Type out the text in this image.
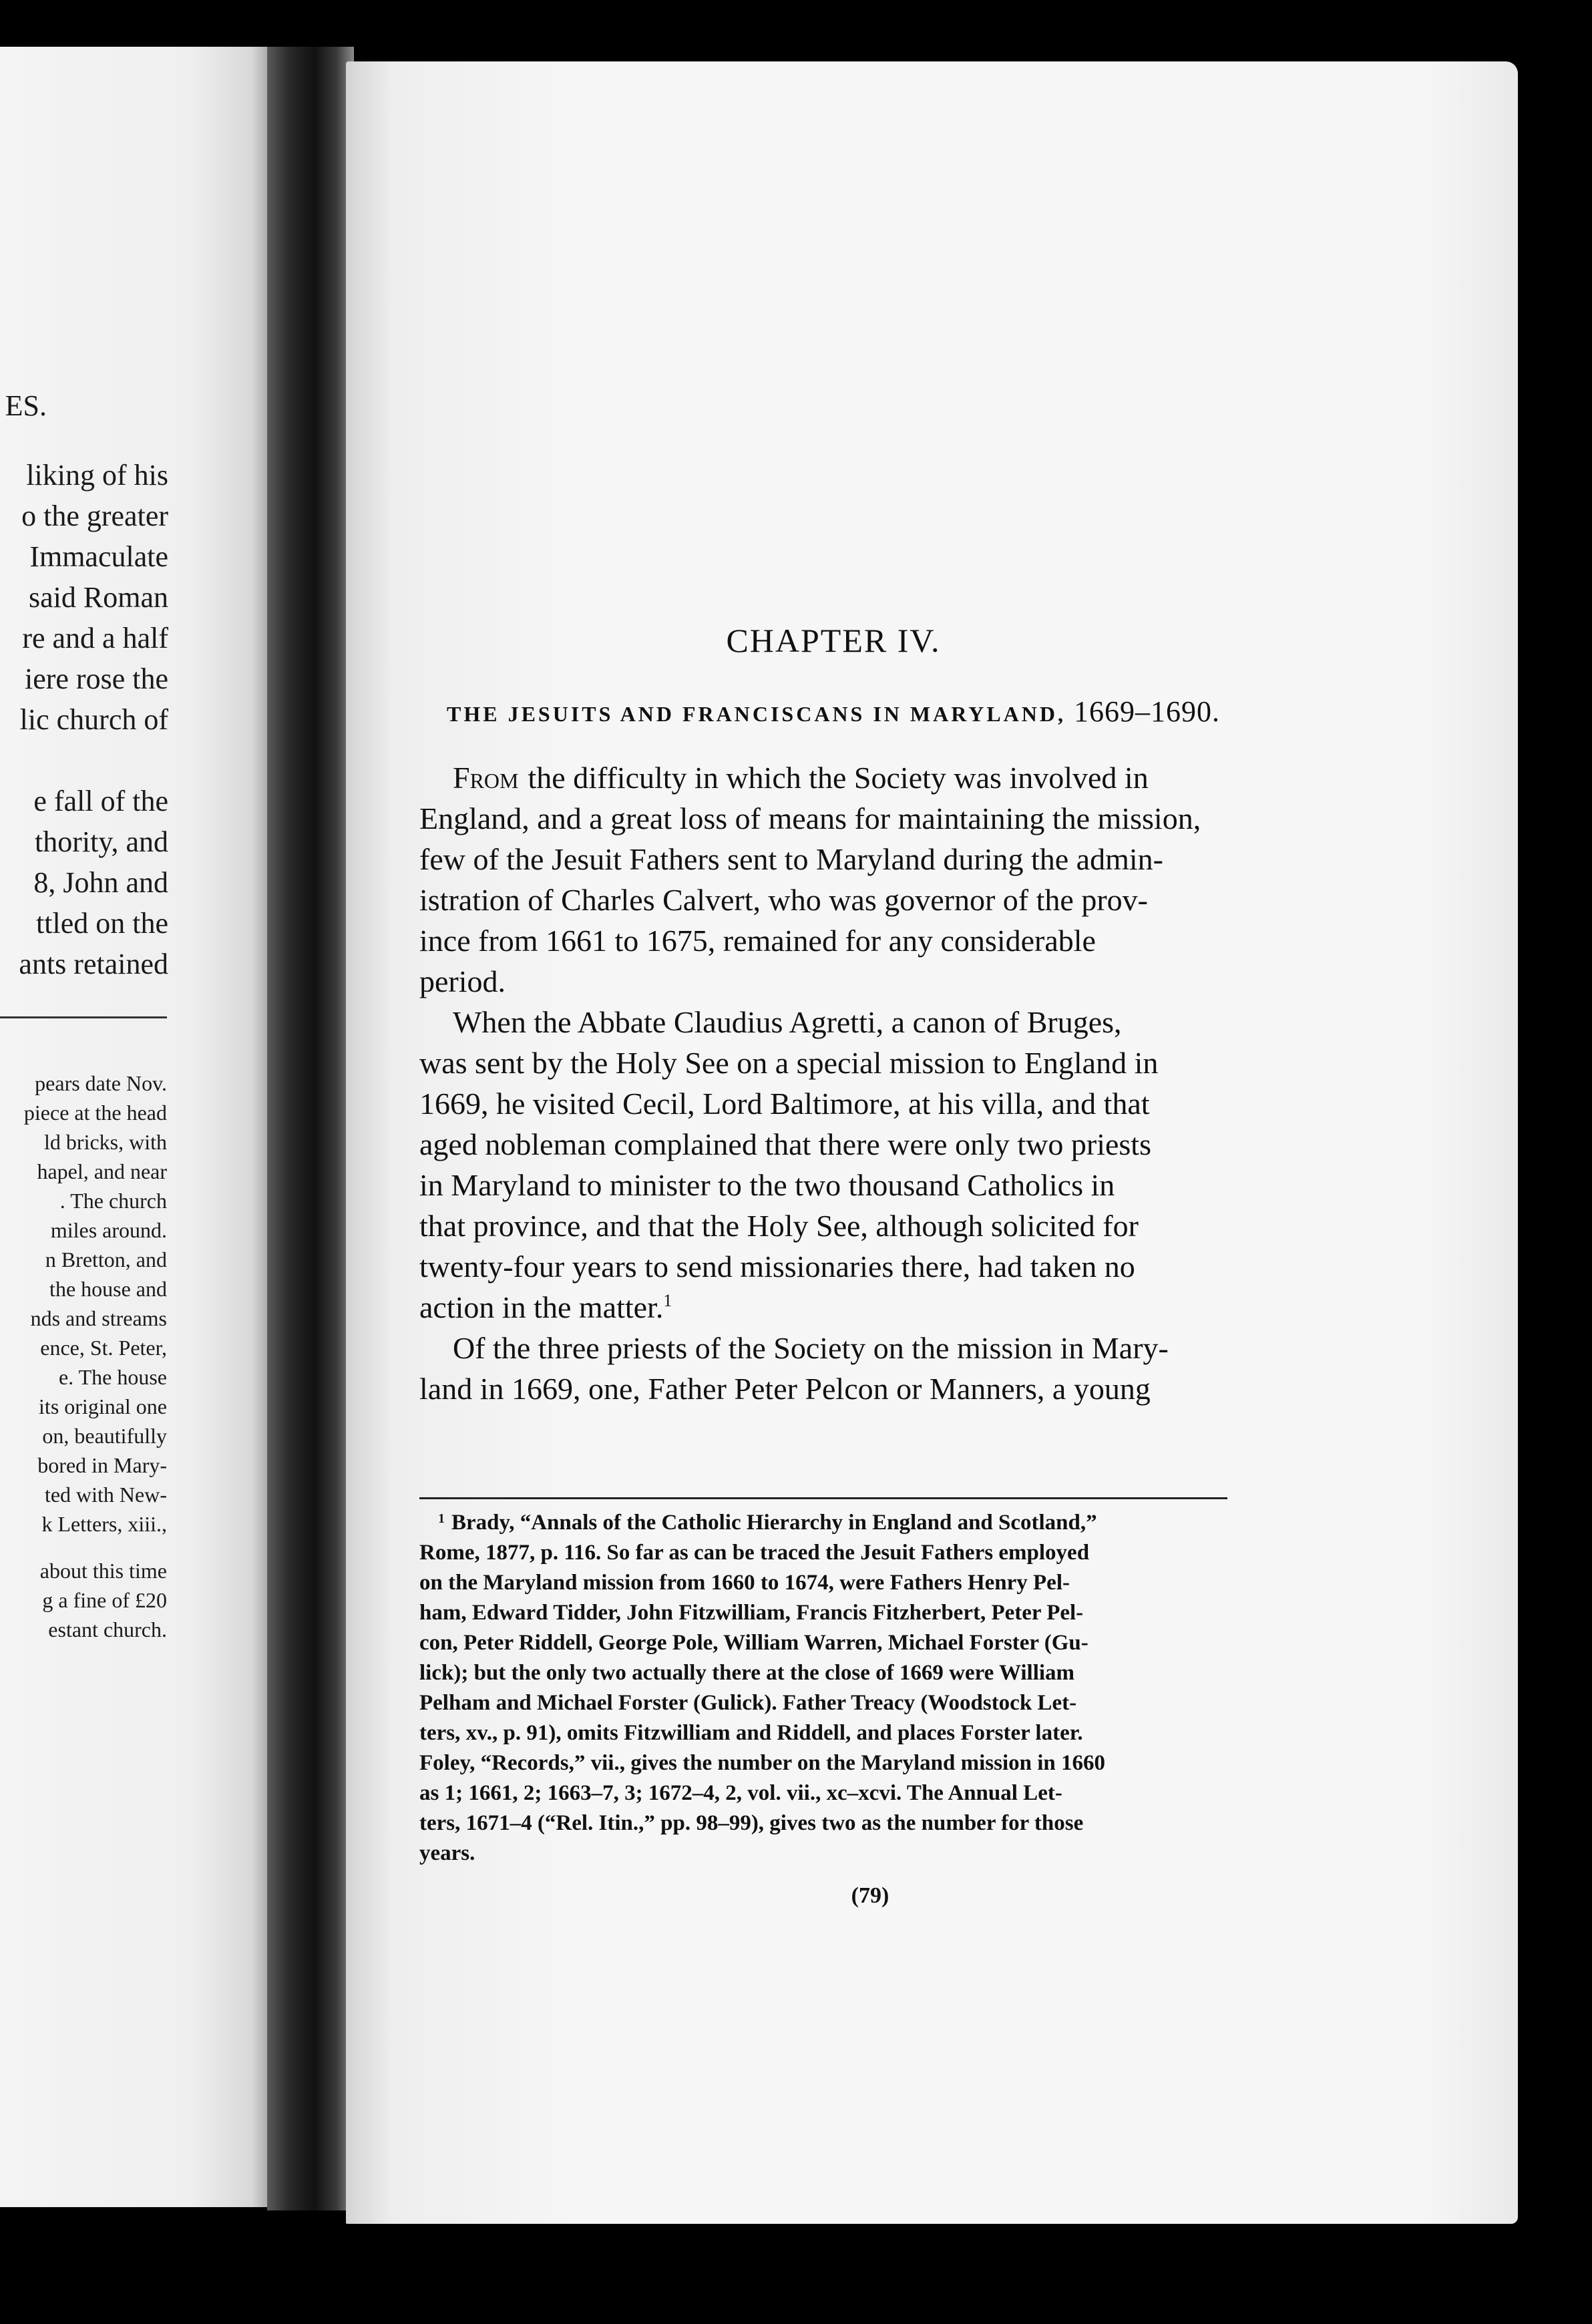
ES.
liking of his
o the greater
Immaculate
said Roman
re and a half
iere rose the
lic church of
e fall of the
thority, and
8, John and
ttled on the
ants retained
pears date Nov.
piece at the head
ld bricks, with
hapel, and near
. The church
miles around.
n Bretton, and
the house and
nds and streams
ence, St. Peter,
e. The house
its original one
on, beautifully
bored in Mary-
ted with New-
k Letters, xiii.,
about this time
g a fine of £20
estant church.
CHAPTER IV.
THE JESUITS AND FRANCISCANS IN MARYLAND, 1669–1690.
From the difficulty in which the Society was involved in
England, and a great loss of means for maintaining the mission,
few of the Jesuit Fathers sent to Maryland during the admin-
istration of Charles Calvert, who was governor of the prov-
ince from 1661 to 1675, remained for any considerable
period.
When the Abbate Claudius Agretti, a canon of Bruges,
was sent by the Holy See on a special mission to England in
1669, he visited Cecil, Lord Baltimore, at his villa, and that
aged nobleman complained that there were only two priests
in Maryland to minister to the two thousand Catholics in
that province, and that the Holy See, although solicited for
twenty-four years to send missionaries there, had taken no
action in the matter. 1
Of the three priests of the Society on the mission in Mary-
land in 1669, one, Father Peter Pelcon or Manners, a young
1 Brady, “Annals of the Catholic Hierarchy in England and Scotland,”
Rome, 1877, p. 116. So far as can be traced the Jesuit Fathers employed
on the Maryland mission from 1660 to 1674, were Fathers Henry Pel-
ham, Edward Tidder, John Fitzwilliam, Francis Fitzherbert, Peter Pel-
con, Peter Riddell, George Pole, William Warren, Michael Forster (Gu-
lick); but the only two actually there at the close of 1669 were William
Pelham and Michael Forster (Gulick). Father Treacy (Woodstock Let-
ters, xv., p. 91), omits Fitzwilliam and Riddell, and places Forster later.
Foley, “Records,” vii., gives the number on the Maryland mission in 1660
as 1; 1661, 2; 1663–7, 3; 1672–4, 2, vol. vii., xc–xcvi. The Annual Let-
ters, 1671–4 (“Rel. Itin.,” pp. 98–99), gives two as the number for those
years.
(79)
